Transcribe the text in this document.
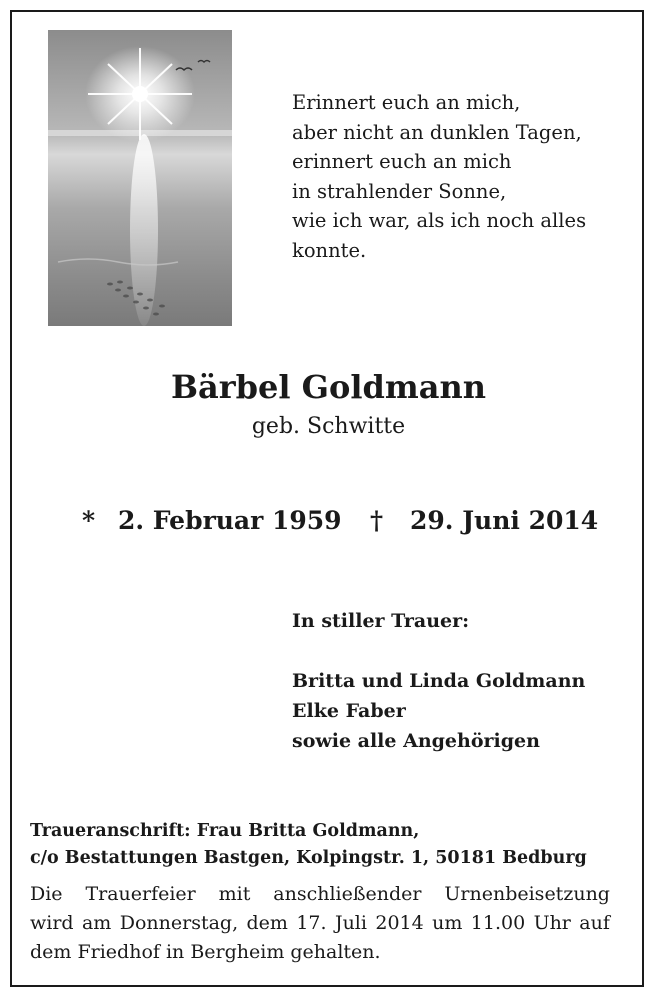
Erinnert euch an mich,
aber nicht an dunklen Tagen,
erinnert euch an mich
in strahlender Sonne,
wie ich war, als ich noch alles
konnte.
Bärbel Goldmann
geb. Schwitte
* 2. Februar 1959 † 29. Juni 2014
In stiller Trauer:
Britta und Linda Goldmann
Elke Faber
sowie alle Angehörigen
Traueranschrift: Frau Britta Goldmann,
c/o Bestattungen Bastgen, Kolpingstr. 1, 50181 Bedburg
Die Trauerfeier mit anschließender Urnenbeisetzung
wird am Donnerstag, dem 17. Juli 2014 um 11.00 Uhr auf
dem Friedhof in Bergheim gehalten.
